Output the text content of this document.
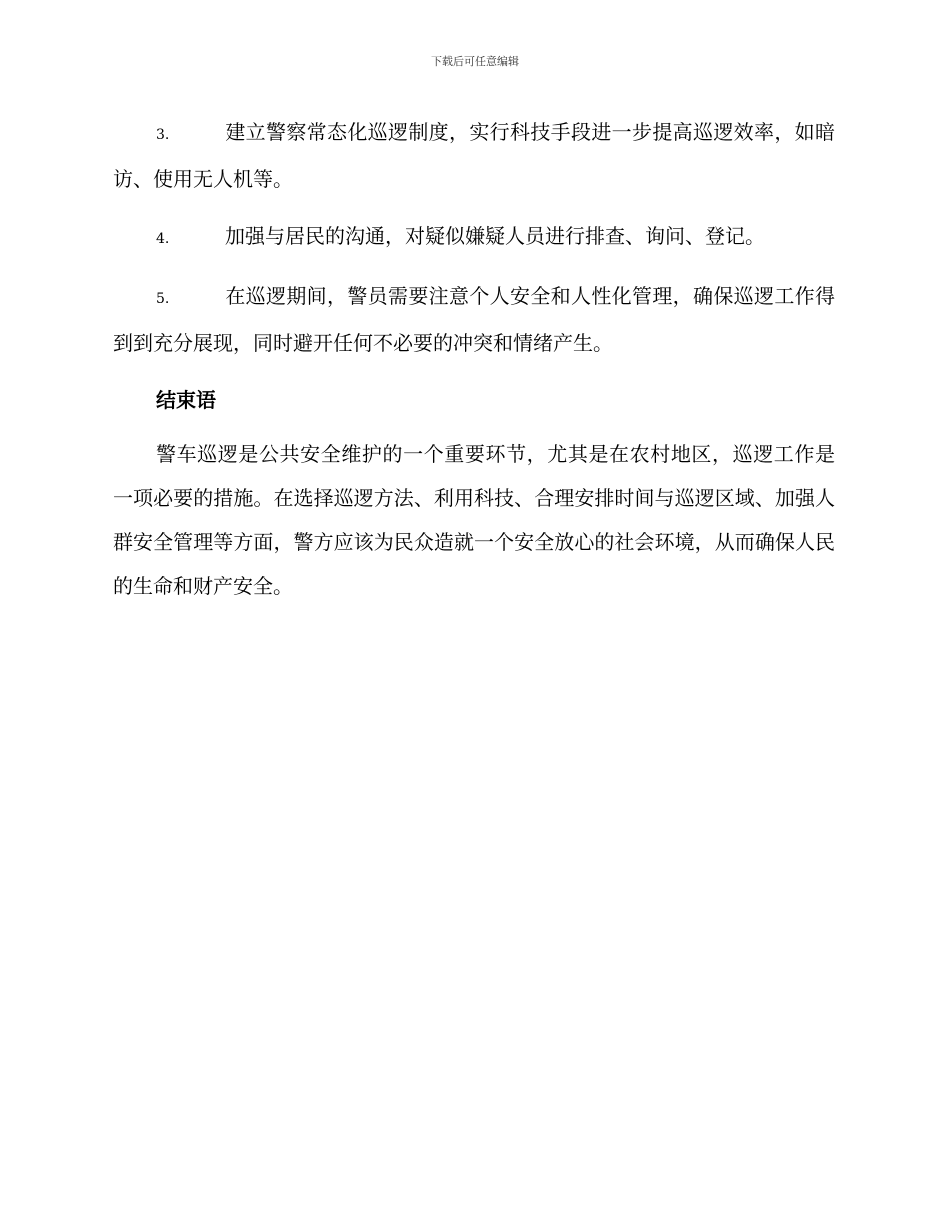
下载后可任意编辑

3.	建立警察常态化巡逻制度，实行科技手段进一步提高巡逻效率，如暗访、使用无人机等。

4.	加强与居民的沟通，对疑似嫌疑人员进行排查、询问、登记。

5.	在巡逻期间，警员需要注意个人安全和人性化管理，确保巡逻工作得到到充分展现，同时避开任何不必要的冲突和情绪产生。

结束语

警车巡逻是公共安全维护的一个重要环节，尤其是在农村地区，巡逻工作是一项必要的措施。在选择巡逻方法、利用科技、合理安排时间与巡逻区域、加强人群安全管理等方面，警方应该为民众造就一个安全放心的社会环境，从而确保人民的生命和财产安全。
